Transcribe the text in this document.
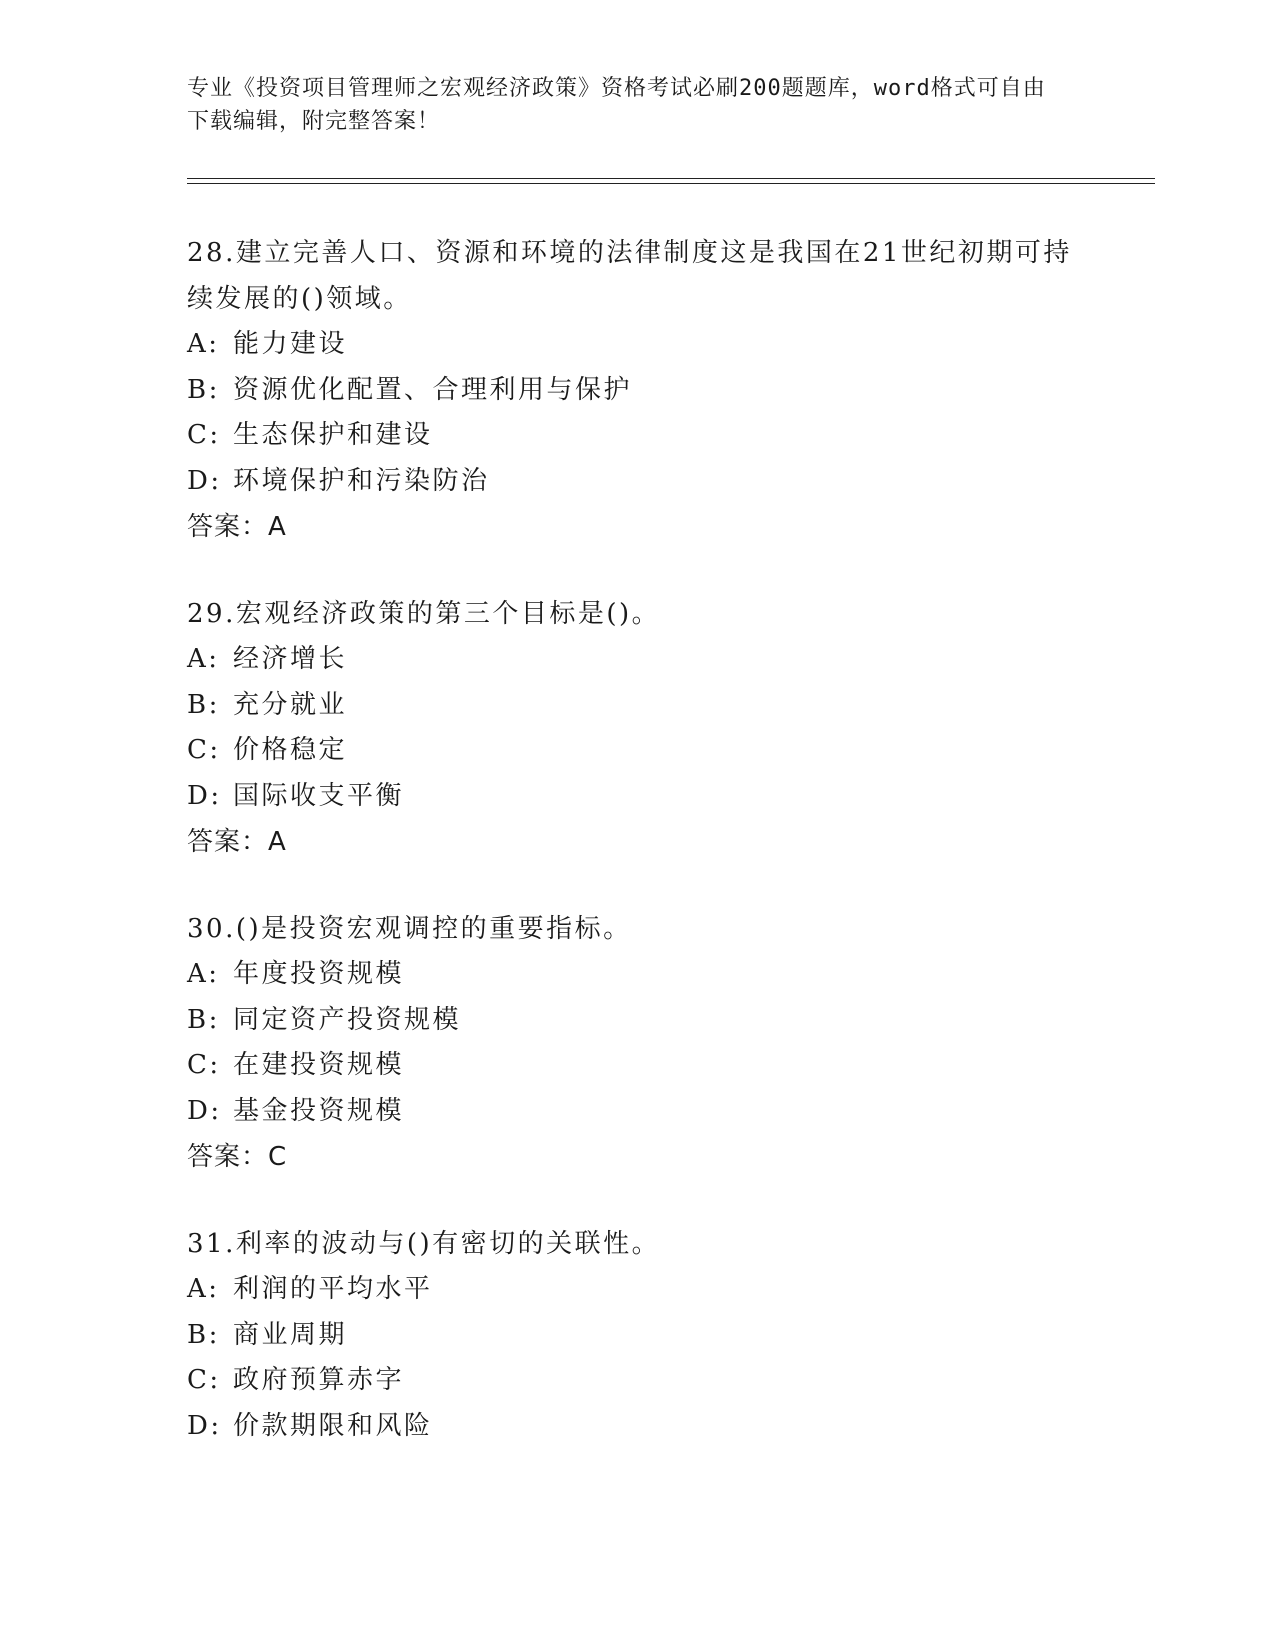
专业《投资项目管理师之宏观经济政策》资格考试必刷200题题库，word格式可自由下载编辑，附完整答案！

28.建立完善人口、资源和环境的法律制度这是我国在21世纪初期可持续发展的()领域。

A: 能力建设

B: 资源优化配置、合理利用与保护

C: 生态保护和建设

D: 环境保护和污染防治

答案：A

29.宏观经济政策的第三个目标是()。

A: 经济增长

B: 充分就业

C: 价格稳定

D: 国际收支平衡

答案：A

30.()是投资宏观调控的重要指标。

A: 年度投资规模

B: 同定资产投资规模

C: 在建投资规模

D: 基金投资规模

答案：C

31.利率的波动与()有密切的关联性。

A: 利润的平均水平

B: 商业周期

C: 政府预算赤字

D: 价款期限和风险
